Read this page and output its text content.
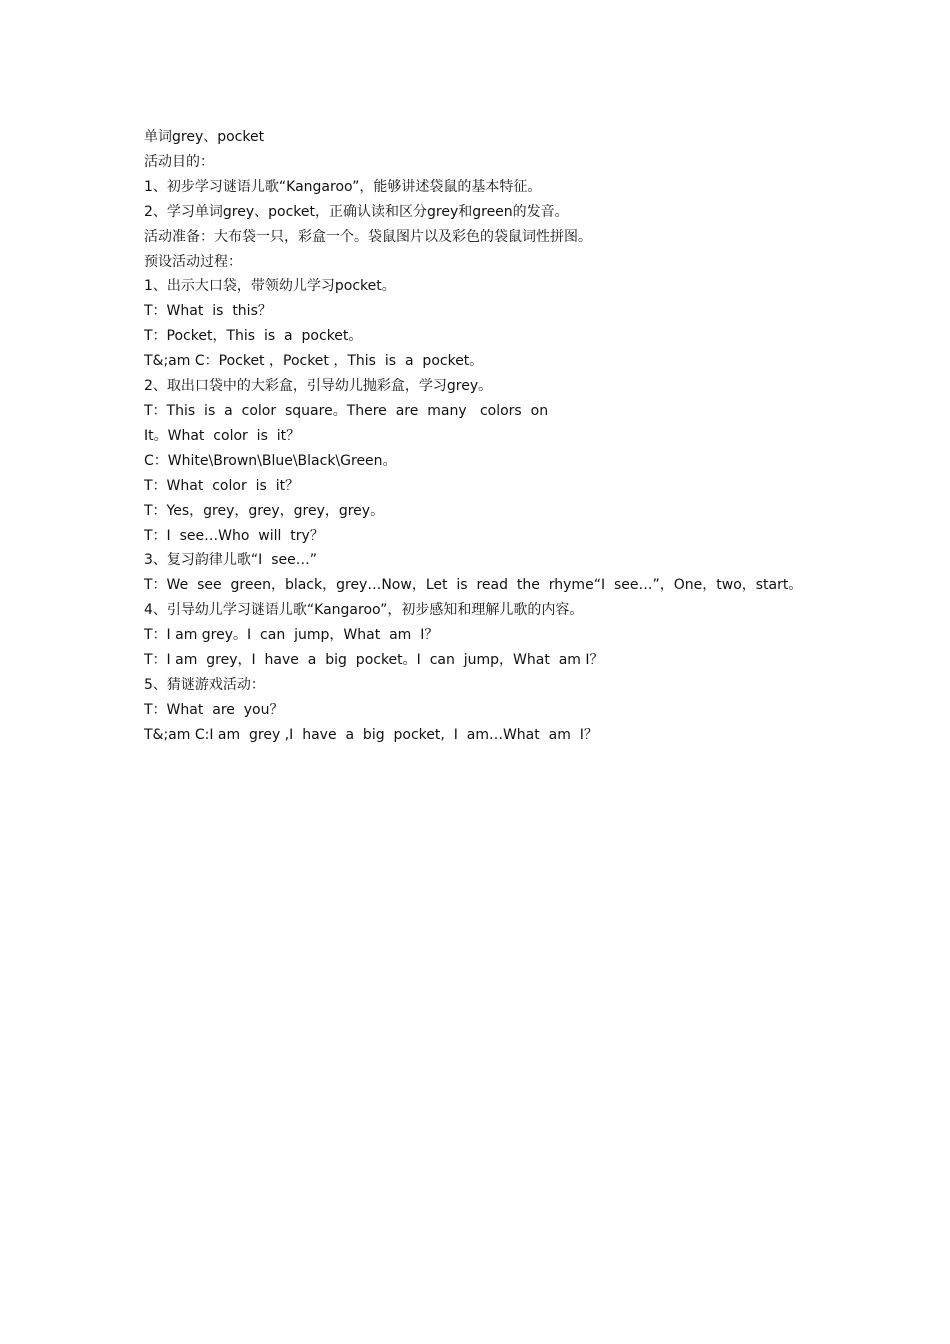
单词grey、pocket

活动目的：

1、初步学习谜语儿歌“Kangaroo”，能够讲述袋鼠的基本特征。

2、学习单词grey、pocket，正确认读和区分grey和green的发音。

活动准备：大布袋一只，彩盒一个。袋鼠图片以及彩色的袋鼠词性拼图。

预设活动过程：

1、出示大口袋，带领幼儿学习pocket。

T：What  is  this？

T：Pocket，This  is  a  pocket。

T&;am C：Pocket ，Pocket ，This  is  a  pocket。

2、取出口袋中的大彩盒，引导幼儿抛彩盒，学习grey。

T：This  is  a  color  square。There  are  many   colors  on

It。What  color  is  it？

C：White\Brown\Blue\Black\Green。

T：What  color  is  it？

T：Yes，grey，grey，grey，grey。

T：I  see…Who  will  try？

3、复习韵律儿歌“I  see…”

T：We  see  green，black，grey…Now，Let  is  read  the  rhyme“I  see…”，One，two，start。

4、引导幼儿学习谜语儿歌“Kangaroo”，初步感知和理解儿歌的内容。

T：I am grey。I  can  jump，What  am  I？

T：I am  grey，I  have  a  big  pocket。I  can  jump，What  am I？

5、猜谜游戏活动：

T：What  are  you？

T&;am C:I am  grey ,I  have  a  big  pocket,  I  am…What  am  I？
